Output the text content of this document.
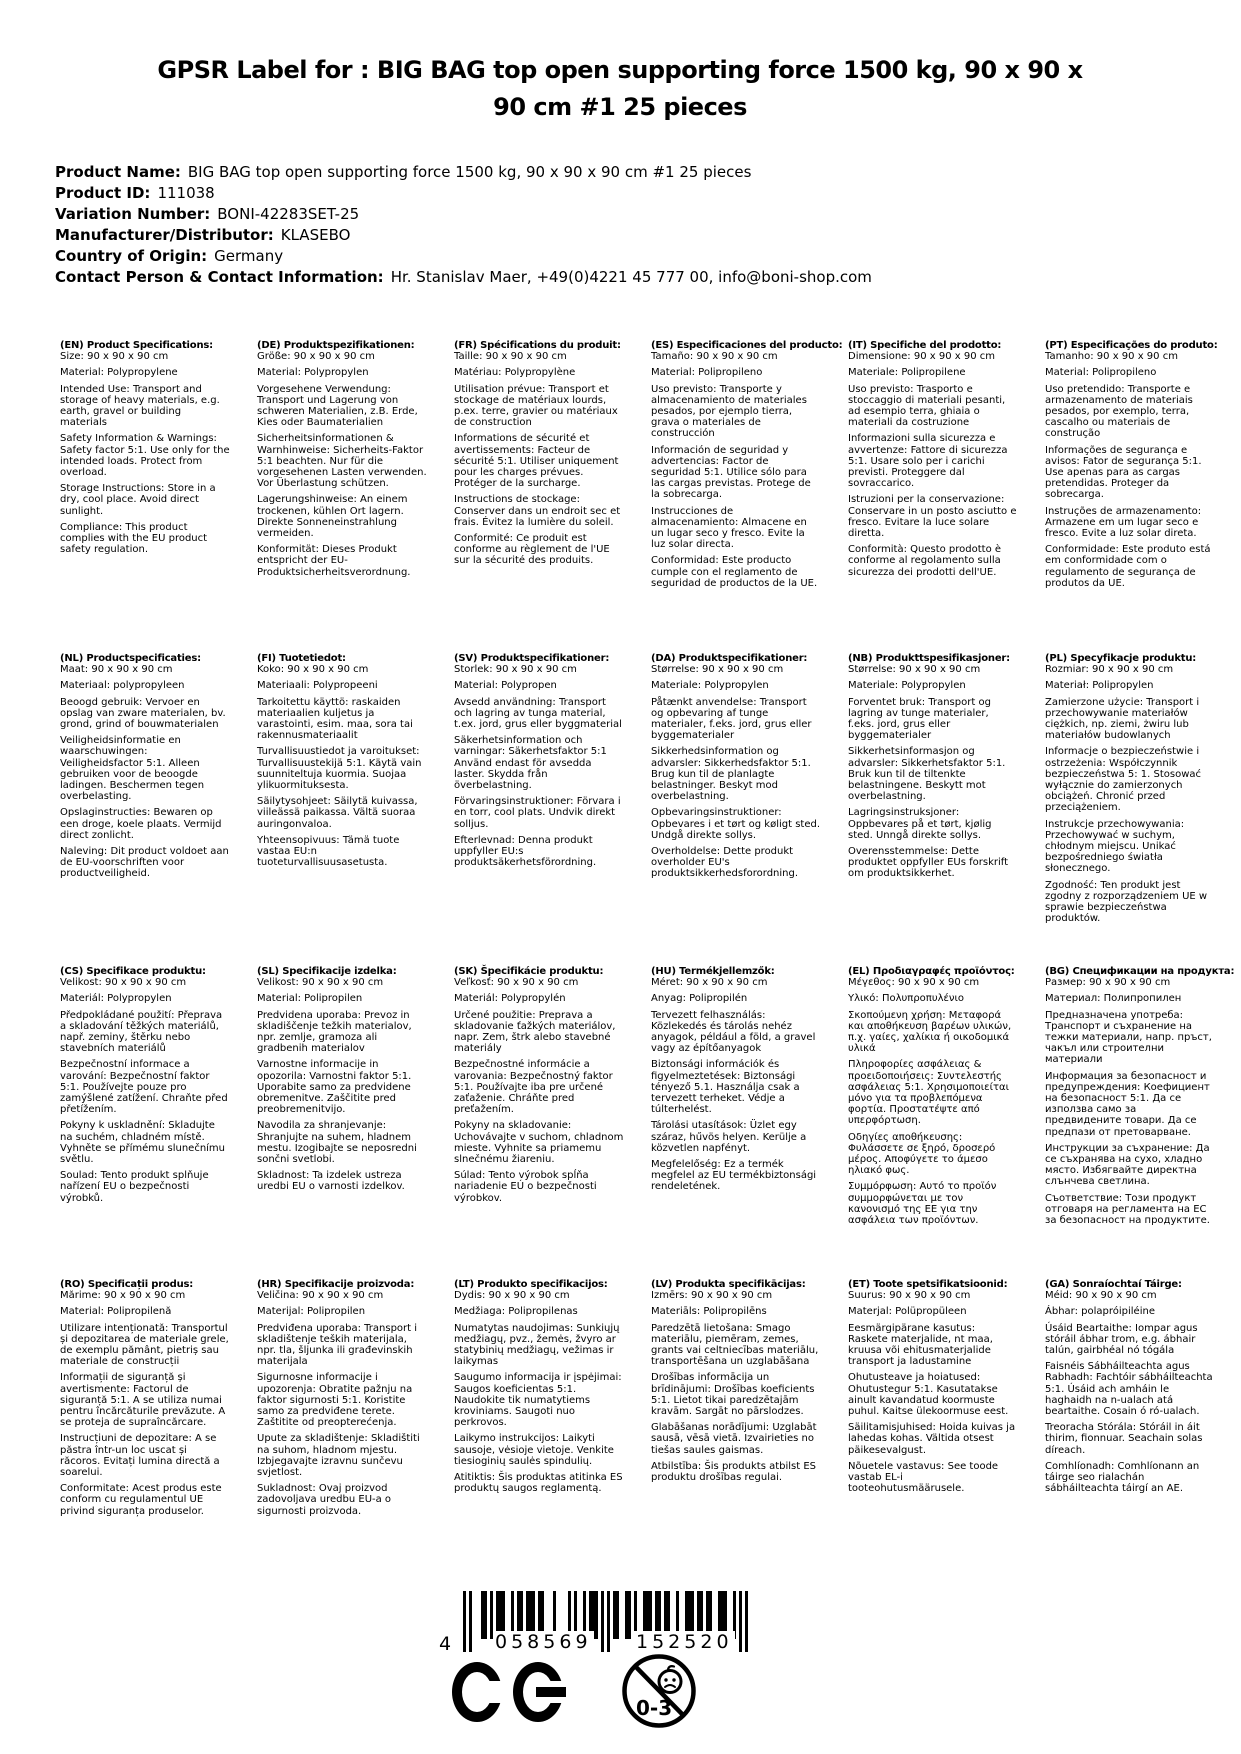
GPSR Label for : BIG BAG top open supporting force 1500 kg, 90 x 90 x 90 cm #1 25 pieces
Product Name: BIG BAG top open supporting force 1500 kg, 90 x 90 x 90 cm #1 25 pieces
Product ID: 111038
Variation Number: BONI-42283SET-25
Manufacturer/Distributor: KLASEBO
Country of Origin: Germany
Contact Person & Contact Information: Hr. Stanislav Maer, +49(0)4221 45 777 00, info@boni-shop.com
(EN) Product Specifications:

Size: 90 x 90 x 90 cm

Material: Polypropylene

Intended Use: Transport and storage of heavy materials, e.g. earth, gravel or building materials

Safety Information & Warnings: Safety factor 5:1. Use only for the intended loads. Protect from overload.

Storage Instructions: Store in a dry, cool place. Avoid direct sunlight.

Compliance: This product complies with the EU product safety regulation.

(DE) Produktspezifikationen:

Größe: 90 x 90 x 90 cm

Material: Polypropylen

Vorgesehene Verwendung: Transport und Lagerung von schweren Materialien, z.B. Erde, Kies oder Baumaterialien

Sicherheitsinformationen & Warnhinweise: Sicherheits-Faktor 5:1 beachten. Nur für die vorgesehenen Lasten verwenden. Vor Überlastung schützen.

Lagerungshinweise: An einem trockenen, kühlen Ort lagern. Direkte Sonneneinstrahlung vermeiden.

Konformität: Dieses Produkt entspricht der EU-Produktsicherheitsverordnung.

(FR) Spécifications du produit:

Taille: 90 x 90 x 90 cm

Matériau: Polypropylène

Utilisation prévue: Transport et stockage de matériaux lourds, p.ex. terre, gravier ou matériaux de construction

Informations de sécurité et avertissements: Facteur de sécurité 5:1. Utiliser uniquement pour les charges prévues. Protéger de la surcharge.

Instructions de stockage: Conserver dans un endroit sec et frais. Évitez la lumière du soleil.

Conformité: Ce produit est conforme au règlement de l'UE sur la sécurité des produits.

(ES) Especificaciones del producto:

Tamaño: 90 x 90 x 90 cm

Material: Polipropileno

Uso previsto: Transporte y almacenamiento de materiales pesados, por ejemplo tierra, grava o materiales de construcción

Información de seguridad y advertencias: Factor de seguridad 5:1. Utilice sólo para las cargas previstas. Protege de la sobrecarga.

Instrucciones de almacenamiento: Almacene en un lugar seco y fresco. Evite la luz solar directa.

Conformidad: Este producto cumple con el reglamento de seguridad de productos de la UE.

(IT) Specifiche del prodotto:

Dimensione: 90 x 90 x 90 cm

Materiale: Polipropilene

Uso previsto: Trasporto e stoccaggio di materiali pesanti, ad esempio terra, ghiaia o materiali da costruzione

Informazioni sulla sicurezza e avvertenze: Fattore di sicurezza 5:1. Usare solo per i carichi previsti. Proteggere dal sovraccarico.

Istruzioni per la conservazione: Conservare in un posto asciutto e fresco. Evitare la luce solare diretta.

Conformità: Questo prodotto è conforme al regolamento sulla sicurezza dei prodotti dell'UE.

(PT) Especificações do produto:

Tamanho: 90 x 90 x 90 cm

Material: Polipropileno

Uso pretendido: Transporte e armazenamento de materiais pesados, por exemplo, terra, cascalho ou materiais de construção

Informações de segurança e avisos: Fator de segurança 5:1. Use apenas para as cargas pretendidas. Proteger da sobrecarga.

Instruções de armazenamento: Armazene em um lugar seco e fresco. Evite a luz solar direta.

Conformidade: Este produto está em conformidade com o regulamento de segurança de produtos da UE.

(NL) Productspecificaties:

Maat: 90 x 90 x 90 cm

Materiaal: polypropyleen

Beoogd gebruik: Vervoer en opslag van zware materialen, bv. grond, grind of bouwmaterialen

Veiligheidsinformatie en waarschuwingen: Veiligheidsfactor 5:1. Alleen gebruiken voor de beoogde ladingen. Beschermen tegen overbelasting.

Opslaginstructies: Bewaren op een droge, koele plaats. Vermijd direct zonlicht.

Naleving: Dit product voldoet aan de EU-voorschriften voor productveiligheid.

(FI) Tuotetiedot:

Koko: 90 x 90 x 90 cm

Materiaali: Polypropeeni

Tarkoitettu käyttö: raskaiden materiaalien kuljetus ja varastointi, esim. maa, sora tai rakennusmateriaalit

Turvallisuustiedot ja varoitukset: Turvallisuustekijä 5:1. Käytä vain suunniteltuja kuormia. Suojaa ylikuormituksesta.

Säilytysohjeet: Säilytä kuivassa, viileässä paikassa. Vältä suoraa auringonvaloa.

Yhteensopivuus: Tämä tuote vastaa EU:n tuoteturvallisuusasetusta.

(SV) Produktspecifikationer:

Storlek: 90 x 90 x 90 cm

Material: Polypropen

Avsedd användning: Transport och lagring av tunga material, t.ex. jord, grus eller byggmaterial

Säkerhetsinformation och varningar: Säkerhetsfaktor 5:1 Använd endast för avsedda laster. Skydda från överbelastning.

Förvaringsinstruktioner: Förvara i en torr, cool plats. Undvik direkt solljus.

Efterlevnad: Denna produkt uppfyller EU:s produktsäkerhetsförordning.

(DA) Produktspecifikationer:

Størrelse: 90 x 90 x 90 cm

Materiale: Polypropylen

Påtænkt anvendelse: Transport og opbevaring af tunge materialer, f.eks. jord, grus eller byggematerialer

Sikkerhedsinformation og advarsler: Sikkerhedsfaktor 5:1. Brug kun til de planlagte belastninger. Beskyt mod overbelastning.

Opbevaringsinstruktioner: Opbevares i et tørt og køligt sted. Undgå direkte sollys.

Overholdelse: Dette produkt overholder EU's produktsikkerhedsforordning.

(NB) Produkttspesifikasjoner:

Størrelse: 90 x 90 x 90 cm

Materiale: Polypropylen

Forventet bruk: Transport og lagring av tunge materialer, f.eks. jord, grus eller byggematerialer

Sikkerhetsinformasjon og advarsler: Sikkerhetsfaktor 5:1. Bruk kun til de tiltenkte belastningene. Beskytt mot overbelastning.

Lagringsinstruksjoner: Oppbevares på et tørt, kjølig sted. Unngå direkte sollys.

Overensstemmelse: Dette produktet oppfyller EUs forskrift om produktsikkerhet.

(PL) Specyfikacje produktu:

Rozmiar: 90 x 90 x 90 cm

Materiał: Polipropylen

Zamierzone użycie: Transport i przechowywanie materiałów ciężkich, np. ziemi, żwiru lub materiałów budowlanych

Informacje o bezpieczeństwie i ostrzeżenia: Współczynnik bezpieczeństwa 5: 1. Stosować wyłącznie do zamierzonych obciążeń. Chronić przed przeciążeniem.

Instrukcje przechowywania: Przechowywać w suchym, chłodnym miejscu. Unikać bezpośredniego światła słonecznego.

Zgodność: Ten produkt jest zgodny z rozporządzeniem UE w sprawie bezpieczeństwa produktów.

(CS) Specifikace produktu:

Velikost: 90 x 90 x 90 cm

Materiál: Polypropylen

Předpokládané použití: Přeprava a skladování těžkých materiálů, např. zeminy, štěrku nebo stavebních materiálů

Bezpečnostní informace a varování: Bezpečnostní faktor 5:1. Používejte pouze pro zamýšlené zatížení. Chraňte před přetížením.

Pokyny k uskladnění: Skladujte na suchém, chladném místě. Vyhněte se přímému slunečnímu světlu.

Soulad: Tento produkt splňuje nařízení EU o bezpečnosti výrobků.

(SL) Specifikacije izdelka:

Velikost: 90 x 90 x 90 cm

Material: Polipropilen

Predvidena uporaba: Prevoz in skladiščenje težkih materialov, npr. zemlje, gramoza ali gradbenih materialov

Varnostne informacije in opozorila: Varnostni faktor 5:1. Uporabite samo za predvidene obremenitve. Zaščitite pred preobremenitvijo.

Navodila za shranjevanje: Shranjujte na suhem, hladnem mestu. Izogibajte se neposredni sončni svetlobi.

Skladnost: Ta izdelek ustreza uredbi EU o varnosti izdelkov.

(SK) Špecifikácie produktu:

Veľkosť: 90 x 90 x 90 cm

Materiál: Polypropylén

Určené použitie: Preprava a skladovanie ťažkých materiálov, napr. Zem, štrk alebo stavebné materiály

Bezpečnostné informácie a varovania: Bezpečnostný faktor 5:1. Používajte iba pre určené zaťaženie. Chráňte pred preťažením.

Pokyny na skladovanie: Uchovávajte v suchom, chladnom mieste. Vyhnite sa priamemu slnečnému žiareniu.

Súlad: Tento výrobok spĺňa nariadenie EÚ o bezpečnosti výrobkov.

(HU) Termékjellemzők:

Méret: 90 x 90 x 90 cm

Anyag: Polipropilén

Tervezett felhasználás: Közlekedés és tárolás nehéz anyagok, például a föld, a gravel vagy az építőanyagok

Biztonsági információk és figyelmeztetések: Biztonsági tényező 5.1. Használja csak a tervezett terheket. Védje a túlterhelést.

Tárolási utasítások: Üzlet egy száraz, hűvös helyen. Kerülje a közvetlen napfényt.

Megfelelőség: Ez a termék megfelel az EU termékbiztonsági rendeletének.

(EL) Προδιαγραφές προϊόντος:

Μέγεθος: 90 x 90 x 90 cm

Υλικό: Πολυπροπυλένιο

Σκοπούμενη χρήση: Μεταφορά και αποθήκευση βαρέων υλικών, π.χ. γαίες, χαλίκια ή οικοδομικά υλικά

Πληροφορίες ασφάλειας & προειδοποιήσεις: Συντελεστής ασφάλειας 5:1. Χρησιμοποιείται μόνο για τα προβλεπόμενα φορτία. Προστατέψτε από υπερφόρτωση.

Οδηγίες αποθήκευσης: Φυλάσσετε σε ξηρό, δροσερό μέρος. Αποφύγετε το άμεσο ηλιακό φως.

Συμμόρφωση: Αυτό το προϊόν συμμορφώνεται με τον κανονισμό της ΕΕ για την ασφάλεια των προϊόντων.

(BG) Спецификации на продукта:

Размер: 90 x 90 x 90 cm

Материал: Полипропилен

Предназначена употреба: Транспорт и съхранение на тежки материали, напр. пръст, чакъл или строителни материали

Информация за безопасност и предупреждения: Коефициент на безопасност 5:1. Да се използва само за предвидените товари. Да се предпази от претоварване.

Инструкции за съхранение: Да се съхранява на сухо, хладно място. Избягвайте директна слънчева светлина.

Съответствие: Този продукт отговаря на регламента на ЕС за безопасност на продуктите.

(RO) Specificații produs:

Mărime: 90 x 90 x 90 cm

Material: Polipropilenă

Utilizare intenționată: Transportul și depozitarea de materiale grele, de exemplu pământ, pietriș sau materiale de construcții

Informații de siguranță și avertismente: Factorul de siguranță 5:1. A se utiliza numai pentru încărcăturile prevăzute. A se proteja de supraîncărcare.

Instrucțiuni de depozitare: A se păstra într-un loc uscat și răcoros. Evitați lumina directă a soarelui.

Conformitate: Acest produs este conform cu regulamentul UE privind siguranța produselor.

(HR) Specifikacije proizvoda:

Veličina: 90 x 90 x 90 cm

Materijal: Polipropilen

Predviđena uporaba: Transport i skladištenje teških materijala, npr. tla, šljunka ili građevinskih materijala

Sigurnosne informacije i upozorenja: Obratite pažnju na faktor sigurnosti 5:1. Koristite samo za predviđene terete. Zaštitite od preopterećenja.

Upute za skladištenje: Skladištiti na suhom, hladnom mjestu. Izbjegavajte izravnu sunčevu svjetlost.

Sukladnost: Ovaj proizvod zadovoljava uredbu EU-a o sigurnosti proizvoda.

(LT) Produkto specifikacijos:

Dydis: 90 x 90 x 90 cm

Medžiaga: Polipropilenas

Numatytas naudojimas: Sunkiųjų medžiagų, pvz., žemės, žvyro ar statybinių medžiagų, vežimas ir laikymas

Saugumo informacija ir įspėjimai: Saugos koeficientas 5:1. Naudokite tik numatytiems kroviniams. Saugoti nuo perkrovos.

Laikymo instrukcijos: Laikyti sausoje, vėsioje vietoje. Venkite tiesioginių saulės spindulių.

Atitiktis: Šis produktas atitinka ES produktų saugos reglamentą.

(LV) Produkta specifikācijas:

Izmērs: 90 x 90 x 90 cm

Materiāls: Polipropilēns

Paredzētā lietošana: Smago materiālu, piemēram, zemes, grants vai celtniecības materiālu, transportēšana un uzglabāšana

Drošības informācija un brīdinājumi: Drošības koeficients 5:1. Lietot tikai paredzētajām kravām. Sargāt no pārslodzes.

Glabāšanas norādījumi: Uzglabāt sausā, vēsā vietā. Izvairieties no tiešas saules gaismas.

Atbilstība: Šis produkts atbilst ES produktu drošības regulai.

(ET) Toote spetsifikatsioonid:

Suurus: 90 x 90 x 90 cm

Materjal: Polüpropüleen

Eesmärgipärane kasutus: Raskete materjalide, nt maa, kruusa või ehitusmaterjalide transport ja ladustamine

Ohutusteave ja hoiatused: Ohutustegur 5:1. Kasutatakse ainult kavandatud koormuste puhul. Kaitse ülekoormuse eest.

Säilitamisjuhised: Hoida kuivas ja lahedas kohas. Vältida otsest päikesevalgust.

Nõuetele vastavus: See toode vastab EL-i tooteohutusmäärusele.

(GA) Sonraíochtaí Táirge:

Méid: 90 x 90 x 90 cm

Ábhar: polapróipiléine

Úsáid Beartaithe: Iompar agus stóráil ábhar trom, e.g. ábhair talún, gairbhéal nó tógála

Faisnéis Sábháilteachta agus Rabhadh: Fachtóir sábháilteachta 5:1. Úsáid ach amháin le haghaidh na n-ualach atá beartaithe. Cosain ó ró-ualach.

Treoracha Stórála: Stóráil in áit thirim, fionnuar. Seachain solas díreach.

Comhlíonadh: Comhlíonann an táirge seo rialachán sábháilteachta táirgí an AE.

4 058569 152520
0-3
